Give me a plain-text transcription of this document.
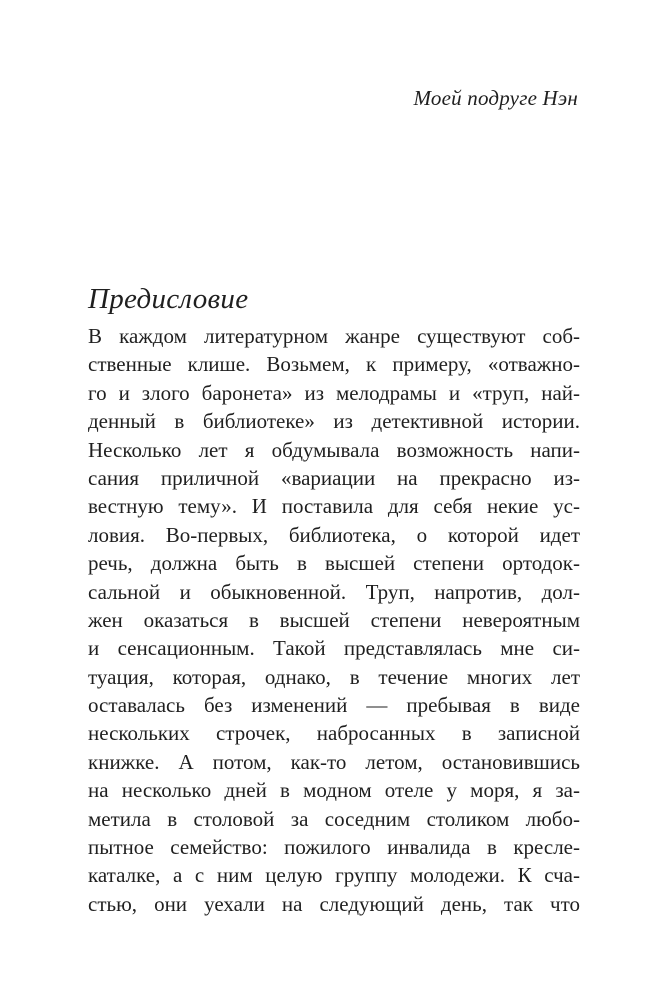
Моей подруге Нэн
Предисловие
В каждом литературном жанре существуют соб-
ственные клише. Возьмем, к примеру, «отважно-
го и злого баронета» из мелодрамы и «труп, най-
денный в библиотеке» из детективной истории.
Несколько лет я обдумывала возможность напи-
сания приличной «вариации на прекрасно из-
вестную тему». И поставила для себя некие ус-
ловия. Во-первых, библиотека, о которой идет
речь, должна быть в высшей степени ортодок-
сальной и обыкновенной. Труп, напротив, дол-
жен оказаться в высшей степени невероятным
и сенсационным. Такой представлялась мне си-
туация, которая, однако, в течение многих лет
оставалась без изменений — пребывая в виде
нескольких строчек, набросанных в записной
книжке. А потом, как-то летом, остановившись
на несколько дней в модном отеле у моря, я за-
метила в столовой за соседним столиком любо-
пытное семейство: пожилого инвалида в кресле-
каталке, а с ним целую группу молодежи. К сча-
стью, они уехали на следующий день, так что
